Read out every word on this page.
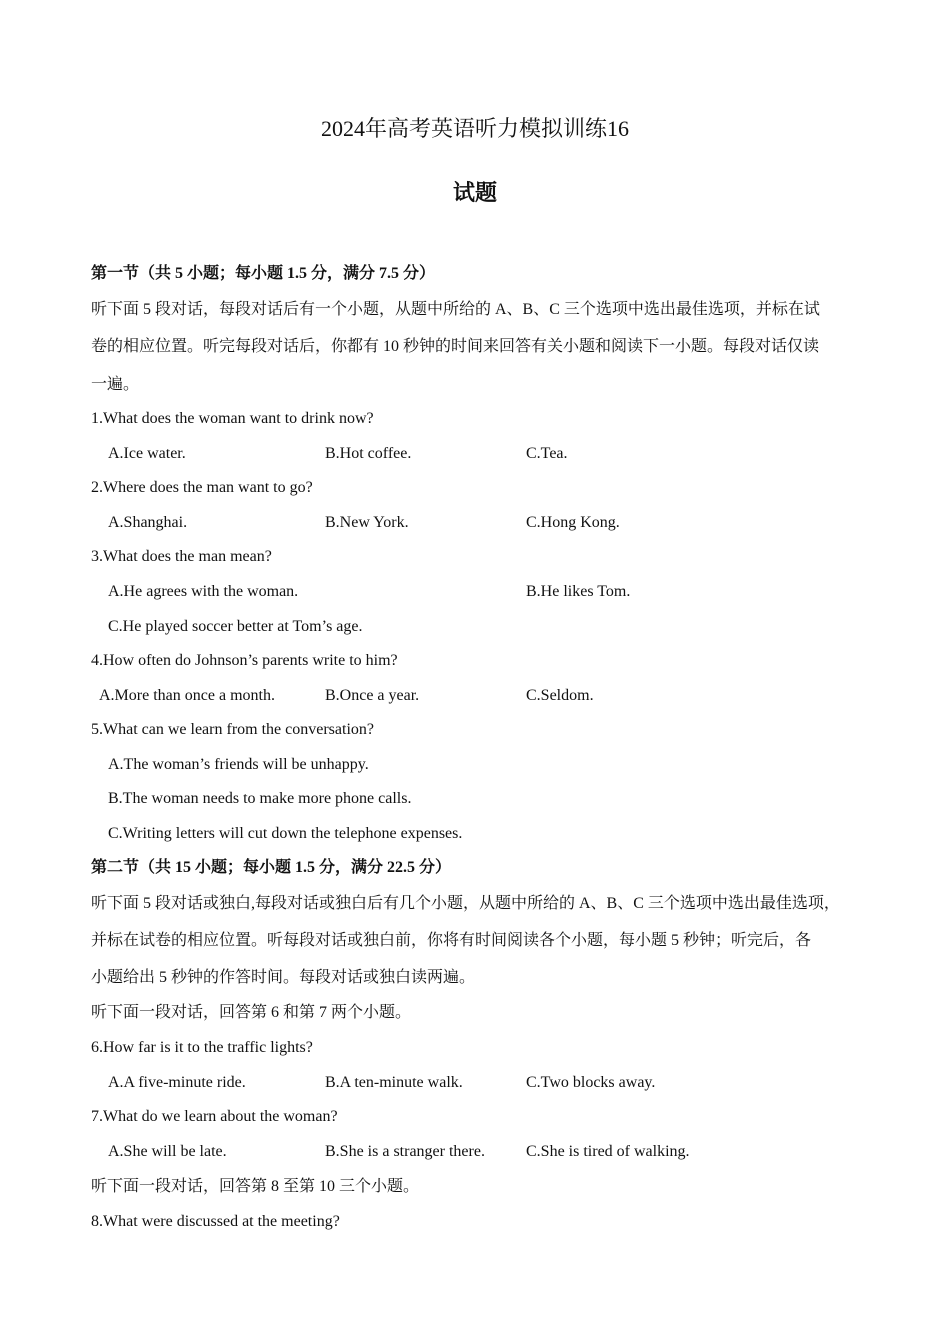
2024年高考英语听力模拟训练16
试题
第一节（共 5 小题；每小题 1.5 分，满分 7.5 分）
听下面 5 段对话，每段对话后有一个小题，从题中所给的 A、B、C 三个选项中选出最佳选项，并标在试
卷的相应位置。听完每段对话后，你都有 10 秒钟的时间来回答有关小题和阅读下一小题。每段对话仅读
一遍。
1.What does the woman want to drink now?
A.Ice water.	B.Hot coffee.	C.Tea.
2.Where does the man want to go?
A.Shanghai.	B.New York.	C.Hong Kong.
3.What does the man mean?
A.He agrees with the woman.	B.He likes Tom.
C.He played soccer better at Tom’s age.
4.How often do Johnson’s parents write to him?
A.More than once a month.	B.Once a year.	C.Seldom.
5.What can we learn from the conversation?
A.The woman’s friends will be unhappy.
B.The woman needs to make more phone calls.
C.Writing letters will cut down the telephone expenses.
第二节（共 15 小题；每小题 1.5 分，满分 22.5 分）
听下面 5 段对话或独白,每段对话或独白后有几个小题，从题中所给的 A、B、C 三个选项中选出最佳选项，
并标在试卷的相应位置。听每段对话或独白前，你将有时间阅读各个小题，每小题 5 秒钟；听完后，各
小题给出 5 秒钟的作答时间。每段对话或独白读两遍。
听下面一段对话，回答第 6 和第 7 两个小题。
6.How far is it to the traffic lights?
A.A five-minute ride.	B.A ten-minute walk.	C.Two blocks away.
7.What do we learn about the woman?
A.She will be late.	B.She is a stranger there.	C.She is tired of walking.
听下面一段对话，回答第 8 至第 10 三个小题。
8.What were discussed at the meeting?
